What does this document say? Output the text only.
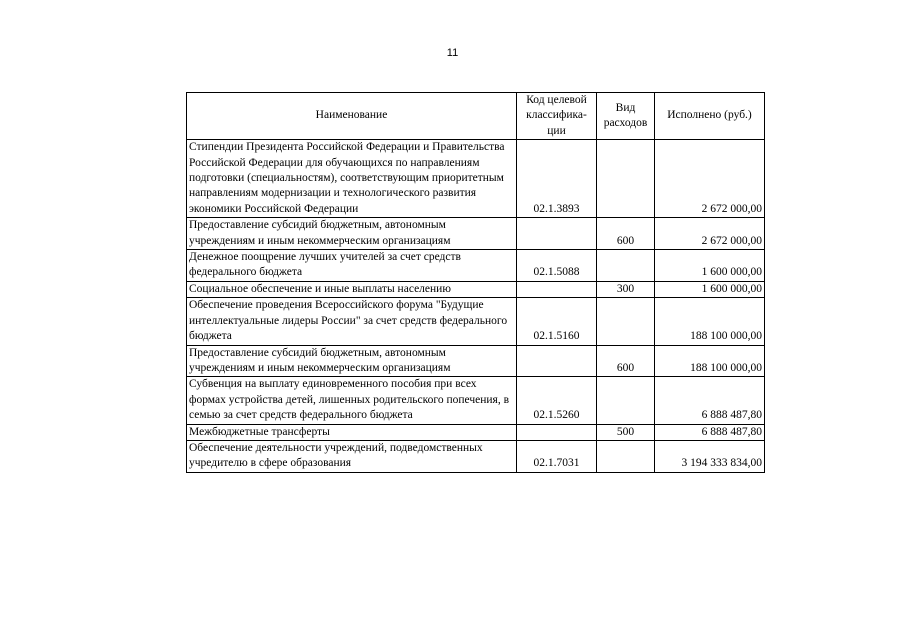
11
Наименование	Код целевой классифика-ции	Вид расходов	Исполнено (руб.)
Стипендии Президента Российской Федерации и Правительства Российской Федерации для обучающихся по направлениям подготовки (специальностям), соответствующим приоритетным направлениям модернизации и технологического развития экономики Российской Федерации	02.1.3893		2 672 000,00
Предоставление субсидий бюджетным, автономным учреждениям и иным некоммерческим организациям		600	2 672 000,00
Денежное поощрение лучших учителей за счет средств федерального бюджета	02.1.5088		1 600 000,00
Социальное обеспечение и иные выплаты населению		300	1 600 000,00
Обеспечение проведения Всероссийского форума "Будущие интеллектуальные лидеры России" за счет средств федерального бюджета	02.1.5160		188 100 000,00
Предоставление субсидий бюджетным, автономным учреждениям и иным некоммерческим организациям		600	188 100 000,00
Субвенция на выплату единовременного пособия при всех формах устройства детей, лишенных родительского попечения, в семью за счет средств федерального бюджета	02.1.5260		6 888 487,80
Межбюджетные трансферты		500	6 888 487,80
Обеспечение деятельности учреждений, подведомственных учредителю в сфере образования	02.1.7031		3 194 333 834,00
